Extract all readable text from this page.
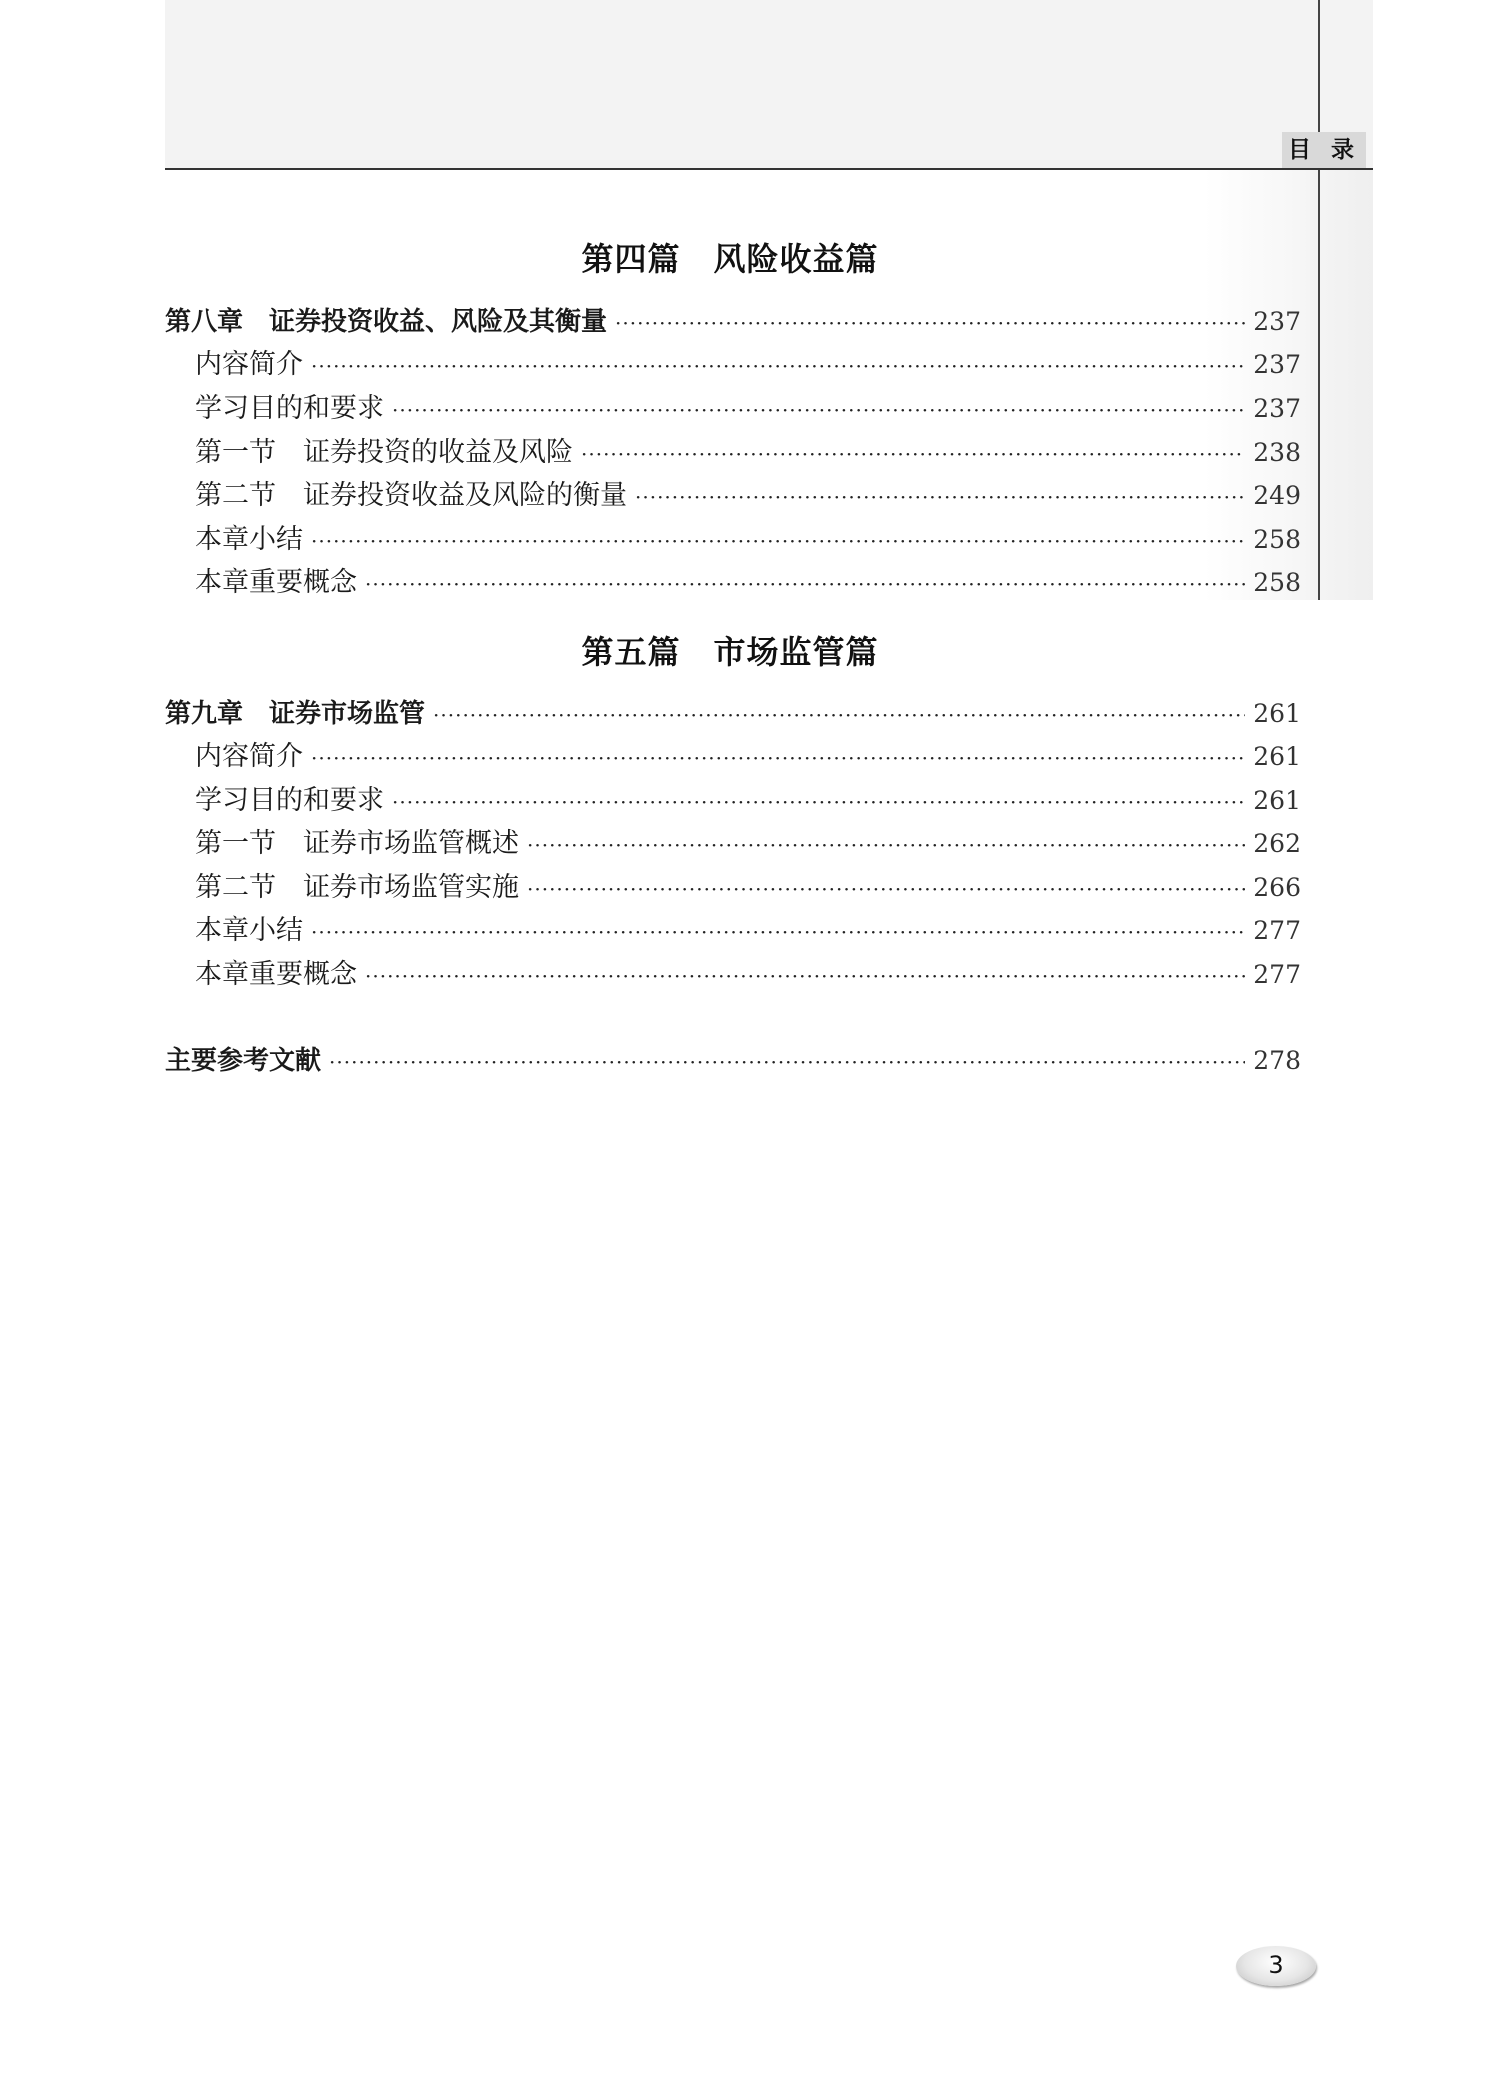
目 录
第四篇　风险收益篇
第八章　证券投资收益、风险及其衡量 ·····	237
内容简介 ·····	237
学习目的和要求 ·····	237
第一节　证券投资的收益及风险 ·····	238
第二节　证券投资收益及风险的衡量 ·····	249
本章小结 ·····	258
本章重要概念 ·····	258
第五篇　市场监管篇
第九章　证券市场监管 ·····	261
内容简介 ·····	261
学习目的和要求 ·····	261
第一节　证券市场监管概述 ·····	262
第二节　证券市场监管实施 ·····	266
本章小结 ·····	277
本章重要概念 ·····	277
主要参考文献 ·····	278
3
